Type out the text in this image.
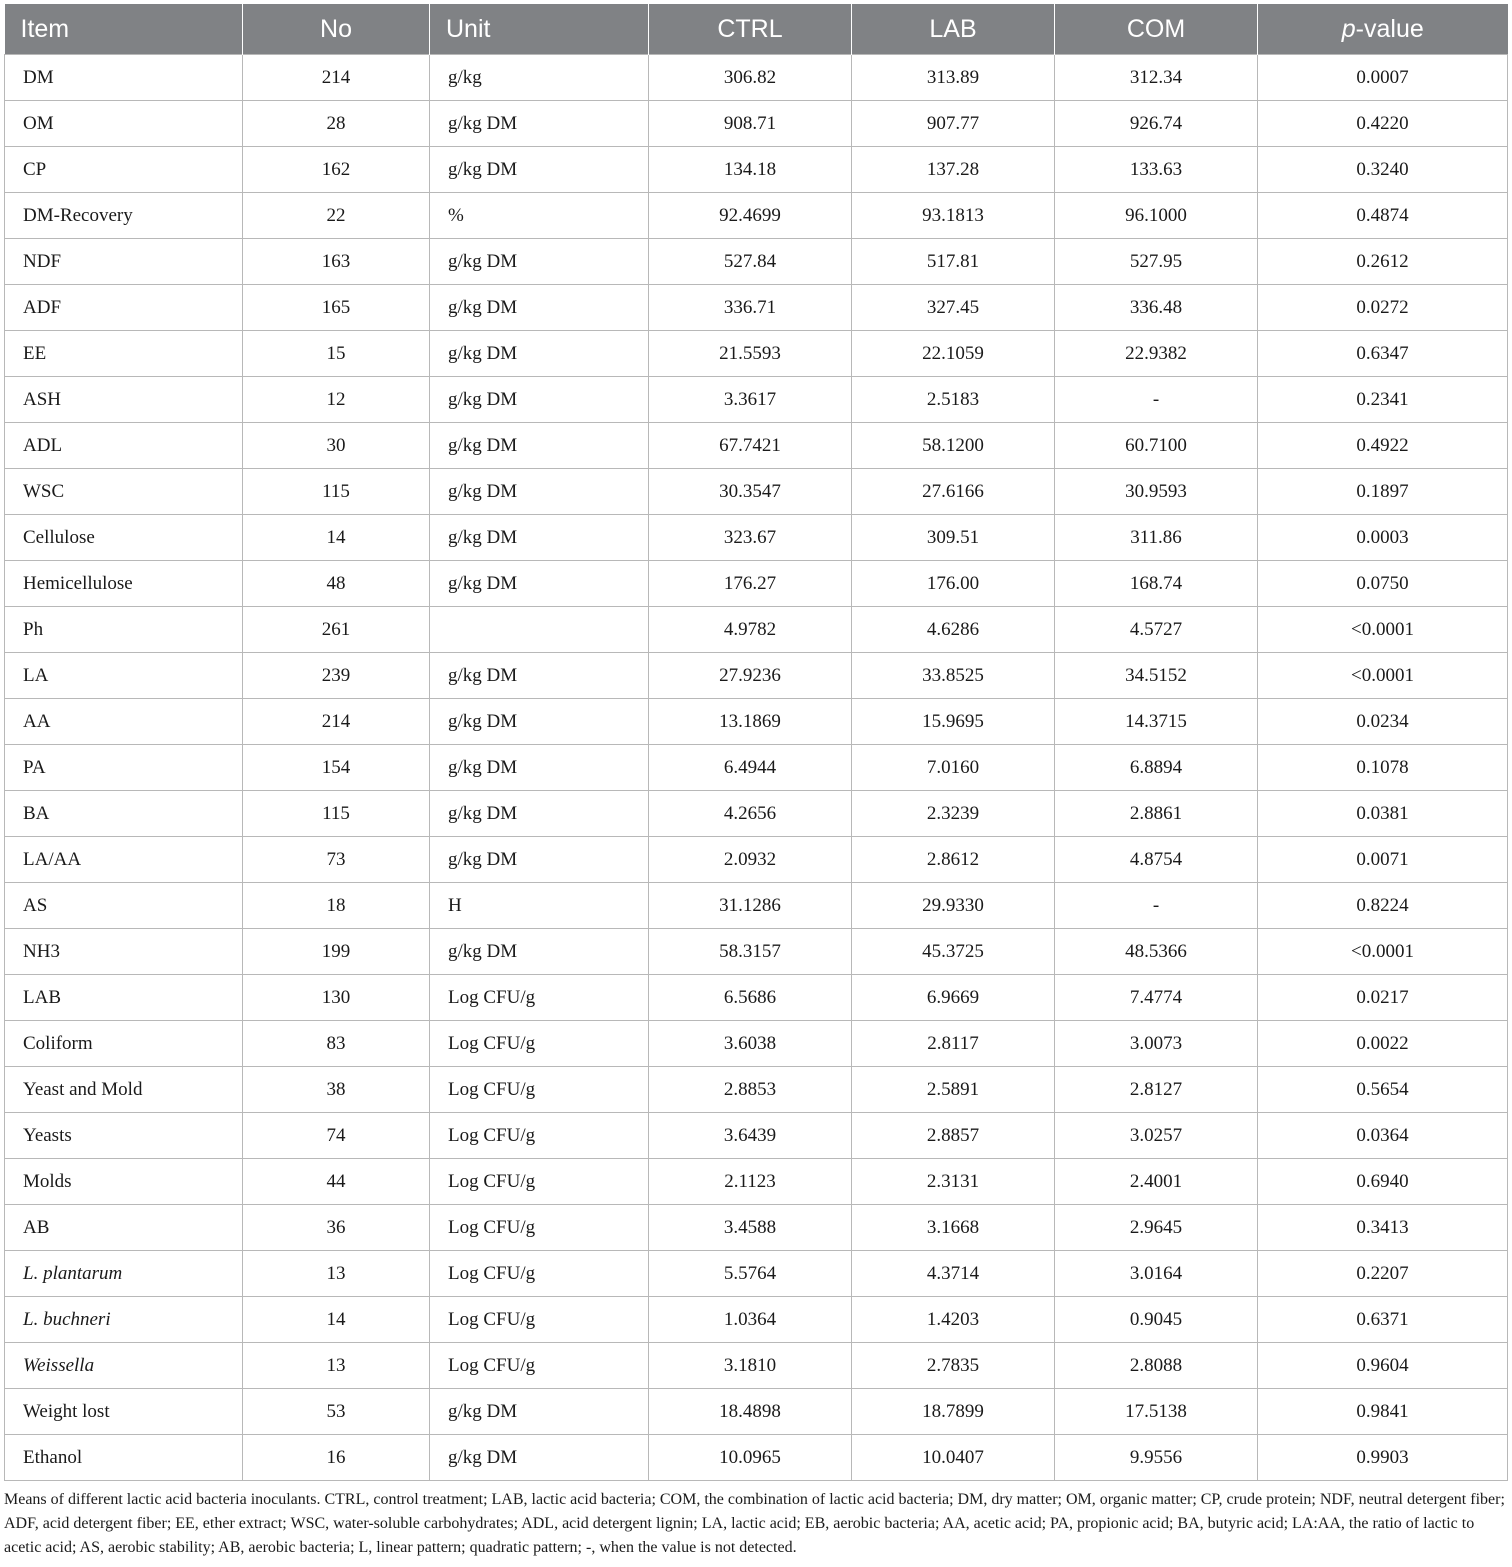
Item	No	Unit	CTRL	LAB	COM	p-value
DM	214	g/kg	306.82	313.89	312.34	0.0007
OM	28	g/kg DM	908.71	907.77	926.74	0.4220
CP	162	g/kg DM	134.18	137.28	133.63	0.3240
DM-Recovery	22	%	92.4699	93.1813	96.1000	0.4874
NDF	163	g/kg DM	527.84	517.81	527.95	0.2612
ADF	165	g/kg DM	336.71	327.45	336.48	0.0272
EE	15	g/kg DM	21.5593	22.1059	22.9382	0.6347
ASH	12	g/kg DM	3.3617	2.5183	-	0.2341
ADL	30	g/kg DM	67.7421	58.1200	60.7100	0.4922
WSC	115	g/kg DM	30.3547	27.6166	30.9593	0.1897
Cellulose	14	g/kg DM	323.67	309.51	311.86	0.0003
Hemicellulose	48	g/kg DM	176.27	176.00	168.74	0.0750
Ph	261		4.9782	4.6286	4.5727	<0.0001
LA	239	g/kg DM	27.9236	33.8525	34.5152	<0.0001
AA	214	g/kg DM	13.1869	15.9695	14.3715	0.0234
PA	154	g/kg DM	6.4944	7.0160	6.8894	0.1078
BA	115	g/kg DM	4.2656	2.3239	2.8861	0.0381
LA/AA	73	g/kg DM	2.0932	2.8612	4.8754	0.0071
AS	18	H	31.1286	29.9330	-	0.8224
NH3	199	g/kg DM	58.3157	45.3725	48.5366	<0.0001
LAB	130	Log CFU/g	6.5686	6.9669	7.4774	0.0217
Coliform	83	Log CFU/g	3.6038	2.8117	3.0073	0.0022
Yeast and Mold	38	Log CFU/g	2.8853	2.5891	2.8127	0.5654
Yeasts	74	Log CFU/g	3.6439	2.8857	3.0257	0.0364
Molds	44	Log CFU/g	2.1123	2.3131	2.4001	0.6940
AB	36	Log CFU/g	3.4588	3.1668	2.9645	0.3413
L. plantarum	13	Log CFU/g	5.5764	4.3714	3.0164	0.2207
L. buchneri	14	Log CFU/g	1.0364	1.4203	0.9045	0.6371
Weissella	13	Log CFU/g	3.1810	2.7835	2.8088	0.9604
Weight lost	53	g/kg DM	18.4898	18.7899	17.5138	0.9841
Ethanol	16	g/kg DM	10.0965	10.0407	9.9556	0.9903
Means of different lactic acid bacteria inoculants. CTRL, control treatment; LAB, lactic acid bacteria; COM, the combination of lactic acid bacteria; DM, dry matter; OM, organic matter; CP, crude protein; NDF, neutral detergent fiber; ADF, acid detergent fiber; EE, ether extract; WSC, water-soluble carbohydrates; ADL, acid detergent lignin; LA, lactic acid; EB, aerobic bacteria; AA, acetic acid; PA, propionic acid; BA, butyric acid; LA:AA, the ratio of lactic to acetic acid; AS, aerobic stability; AB, aerobic bacteria; L, linear pattern; quadratic pattern; -, when the value is not detected.
